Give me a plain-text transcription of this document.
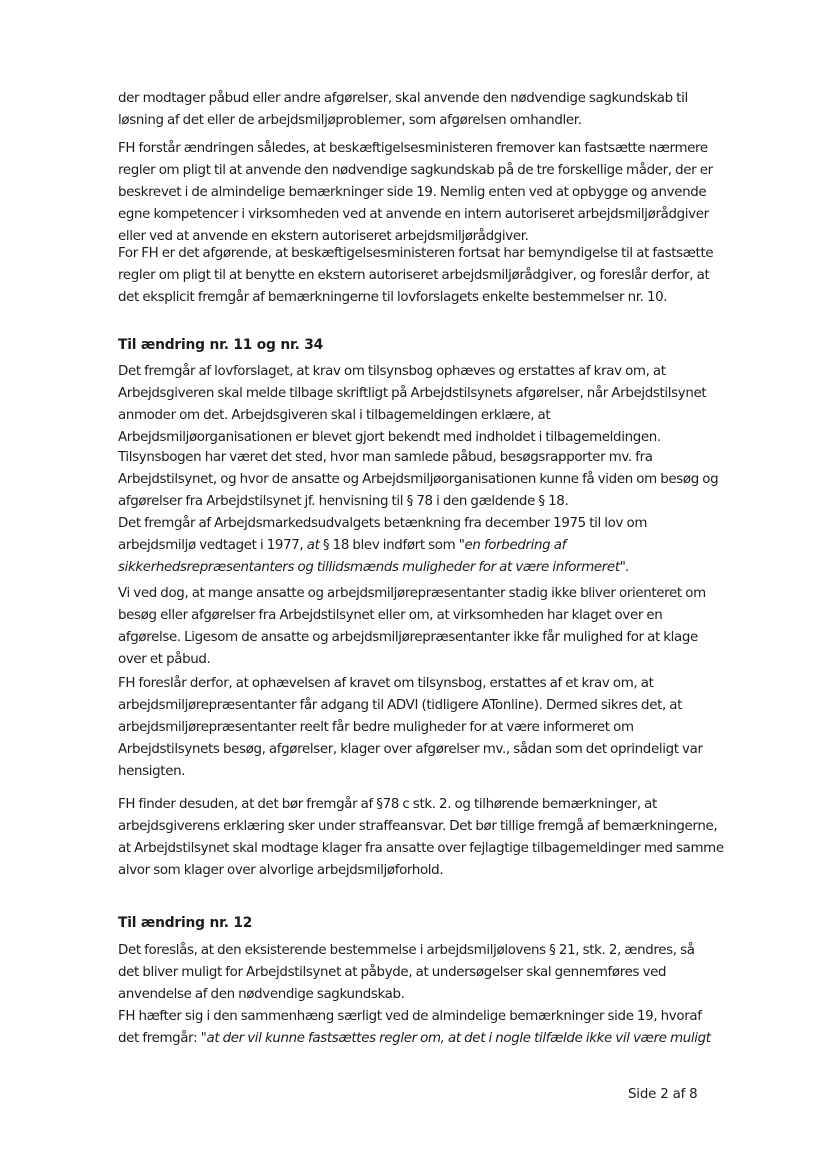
der modtager påbud eller andre afgørelser, skal anvende den nødvendige sagkundskab til
løsning af det eller de arbejdsmiljøproblemer, som afgørelsen omhandler.
FH forstår ændringen således, at beskæftigelsesministeren fremover kan fastsætte nærmere
regler om pligt til at anvende den nødvendige sagkundskab på de tre forskellige måder, der er
beskrevet i de almindelige bemærkninger side 19. Nemlig enten ved at opbygge og anvende
egne kompetencer i virksomheden ved at anvende en intern autoriseret arbejdsmiljørådgiver
eller ved at anvende en ekstern autoriseret arbejdsmiljørådgiver.
For FH er det afgørende, at beskæftigelsesministeren fortsat har bemyndigelse til at fastsætte
regler om pligt til at benytte en ekstern autoriseret arbejdsmiljørådgiver, og foreslår derfor, at
det eksplicit fremgår af bemærkningerne til lovforslagets enkelte bestemmelser nr. 10.
Til ændring nr. 11 og nr. 34
Det fremgår af lovforslaget, at krav om tilsynsbog ophæves og erstattes af krav om, at
Arbejdsgiveren skal melde tilbage skriftligt på Arbejdstilsynets afgørelser, når Arbejdstilsynet
anmoder om det. Arbejdsgiveren skal i tilbagemeldingen erklære, at
Arbejdsmiljøorganisationen er blevet gjort bekendt med indholdet i tilbagemeldingen.
Tilsynsbogen har været det sted, hvor man samlede påbud, besøgsrapporter mv. fra
Arbejdstilsynet, og hvor de ansatte og Arbejdsmiljøorganisationen kunne få viden om besøg og
afgørelser fra Arbejdstilsynet jf. henvisning til § 78 i den gældende § 18.
Det fremgår af Arbejdsmarkedsudvalgets betænkning fra december 1975 til lov om
arbejdsmiljø vedtaget i 1977, at § 18 blev indført som "en forbedring af
sikkerhedsrepræsentanters og tillidsmænds muligheder for at være informeret".
Vi ved dog, at mange ansatte og arbejdsmiljørepræsentanter stadig ikke bliver orienteret om
besøg eller afgørelser fra Arbejdstilsynet eller om, at virksomheden har klaget over en
afgørelse. Ligesom de ansatte og arbejdsmiljørepræsentanter ikke får mulighed for at klage
over et påbud.
FH foreslår derfor, at ophævelsen af kravet om tilsynsbog, erstattes af et krav om, at
arbejdsmiljørepræsentanter får adgang til ADVI (tidligere ATonline). Dermed sikres det, at
arbejdsmiljørepræsentanter reelt får bedre muligheder for at være informeret om
Arbejdstilsynets besøg, afgørelser, klager over afgørelser mv., sådan som det oprindeligt var
hensigten.
FH finder desuden, at det bør fremgår af §78 c stk. 2. og tilhørende bemærkninger, at
arbejdsgiverens erklæring sker under straffeansvar. Det bør tillige fremgå af bemærkningerne,
at Arbejdstilsynet skal modtage klager fra ansatte over fejlagtige tilbagemeldinger med samme
alvor som klager over alvorlige arbejdsmiljøforhold.
Til ændring nr. 12
Det foreslås, at den eksisterende bestemmelse i arbejdsmiljølovens § 21, stk. 2, ændres, så
det bliver muligt for Arbejdstilsynet at påbyde, at undersøgelser skal gennemføres ved
anvendelse af den nødvendige sagkundskab.
FH hæfter sig i den sammenhæng særligt ved de almindelige bemærkninger side 19, hvoraf
det fremgår: "at der vil kunne fastsættes regler om, at det i nogle tilfælde ikke vil være muligt
Side 2 af 8
